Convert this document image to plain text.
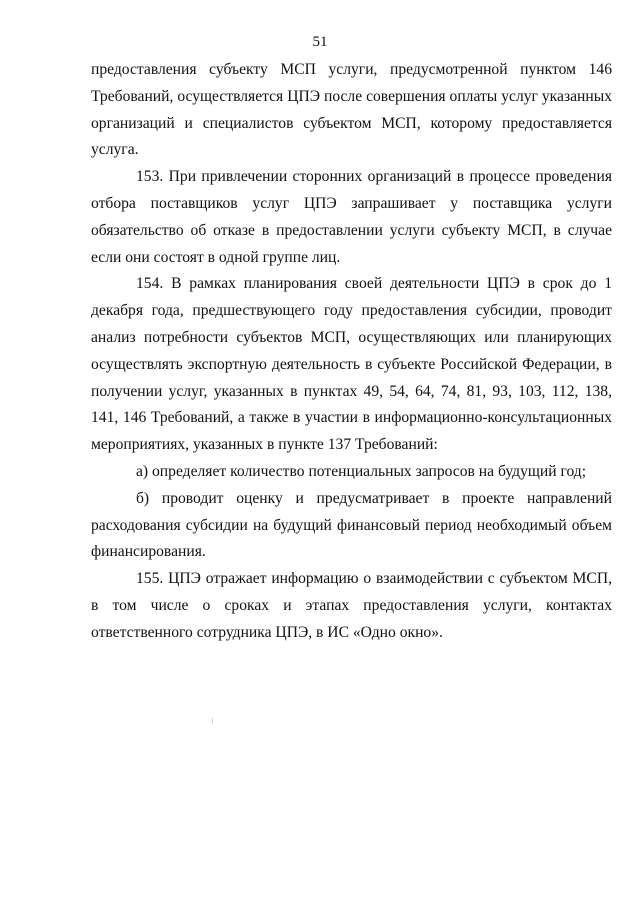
51

предоставления субъекту МСП услуги, предусмотренной пунктом 146 Требований, осуществляется ЦПЭ после совершения оплаты услуг указанных организаций и специалистов субъектом МСП, которому предоставляется услуга.

153. При привлечении сторонних организаций в процессе проведения отбора поставщиков услуг ЦПЭ запрашивает у поставщика услуги обязательство об отказе в предоставлении услуги субъекту МСП, в случае если они состоят в одной группе лиц.

154. В рамках планирования своей деятельности ЦПЭ в срок до 1 декабря года, предшествующего году предоставления субсидии, проводит анализ потребности субъектов МСП, осуществляющих или планирующих осуществлять экспортную деятельность в субъекте Российской Федерации, в получении услуг, указанных в пунктах 49, 54, 64, 74, 81, 93, 103, 112, 138, 141, 146 Требований, а также в участии в информационно-консультационных мероприятиях, указанных в пункте 137 Требований:

а) определяет количество потенциальных запросов на будущий год;

б) проводит оценку и предусматривает в проекте направлений расходования субсидии на будущий финансовый период необходимый объем финансирования.

155. ЦПЭ отражает информацию о взаимодействии с субъектом МСП, в том числе о сроках и этапах предоставления услуги, контактах ответственного сотрудника ЦПЭ, в ИС «Одно окно».
